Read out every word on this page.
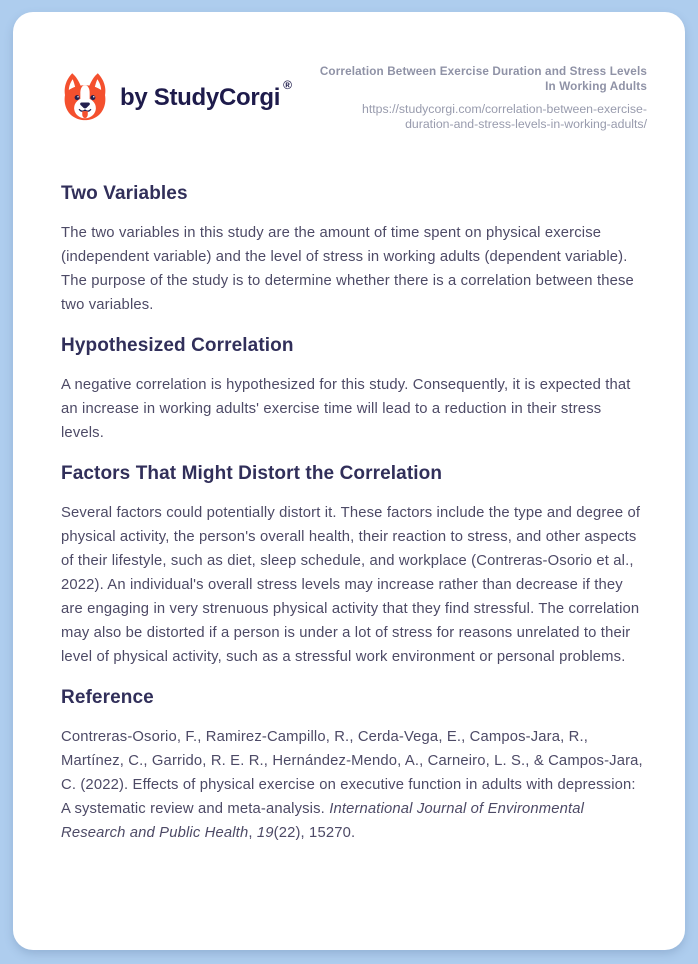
by StudyCorgi ®
Correlation Between Exercise Duration and Stress Levels
In Working Adults
https://studycorgi.com/correlation-between-exercise-
duration-and-stress-levels-in-working-adults/
Two Variables

The two variables in this study are the amount of time spent on physical exercise (independent variable) and the level of stress in working adults (dependent variable). The purpose of the study is to determine whether there is a correlation between these two variables.

Hypothesized Correlation

A negative correlation is hypothesized for this study. Consequently, it is expected that an increase in working adults' exercise time will lead to a reduction in their stress levels.

Factors That Might Distort the Correlation

Several factors could potentially distort it. These factors include the type and degree of physical activity, the person's overall health, their reaction to stress, and other aspects of their lifestyle, such as diet, sleep schedule, and workplace (Contreras-Osorio et al., 2022). An individual's overall stress levels may increase rather than decrease if they are engaging in very strenuous physical activity that they find stressful. The correlation may also be distorted if a person is under a lot of stress for reasons unrelated to their level of physical activity, such as a stressful work environment or personal problems.

Reference

Contreras-Osorio, F., Ramirez-Campillo, R., Cerda-Vega, E., Campos-Jara, R., Martínez, C., Garrido, R. E. R., Hernández-Mendo, A., Carneiro, L. S., & Campos-Jara, C. (2022). Effects of physical exercise on executive function in adults with depression: A systematic review and meta-analysis. International Journal of Environmental Research and Public Health, 19(22), 15270.
